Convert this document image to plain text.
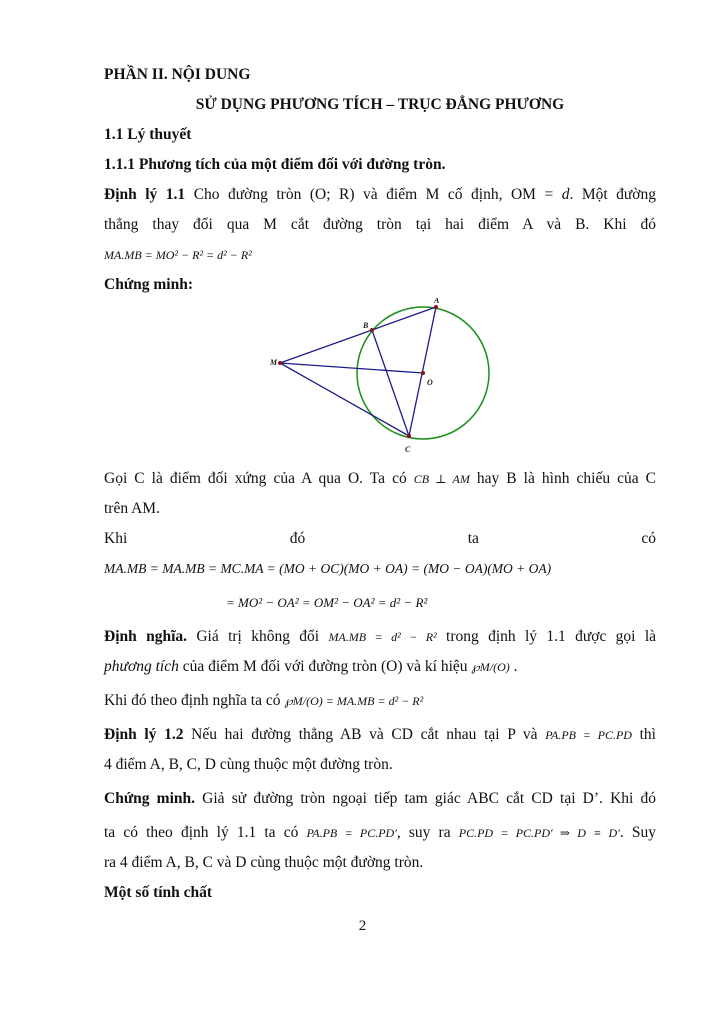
PHẦN II. NỘI DUNG
SỬ DỤNG PHƯƠNG TÍCH – TRỤC ĐẲNG PHƯƠNG
1.1 Lý thuyết
1.1.1 Phương tích của một điểm đối với đường tròn.
Định lý 1.1 Cho đường tròn (O; R) và điểm M cố định, OM = d. Một đường
thẳng thay đổi qua M cắt đường tròn tại hai điểm A và B. Khi đó
MA.MB = MO² − R² = d² − R²
Chứng minh:
A
B
M
O
C
Gọi C là điểm đối xứng của A qua O. Ta có CB ⊥ AM hay B là hình chiếu của C
trên AM.
Khi	đó	ta	có
MA.MB = MA.MB = MC.MA = (MO + OC)(MO + OA) = (MO − OA)(MO + OA)
= MO² − OA² = OM² − OA² = d² − R²
Định nghĩa. Giá trị không đổi MA.MB = d² − R² trong định lý 1.1 được gọi là
phương tích của điểm M đối với đường tròn (O) và kí hiệu ℘M/(O) .
Khi đó theo định nghĩa ta có ℘M/(O) = MA.MB = d² − R²
Định lý 1.2 Nếu hai đường thẳng AB và CD cắt nhau tại P và PA.PB = PC.PD thì
4 điểm A, B, C, D cùng thuộc một đường tròn.
Chứng minh. Giả sử đường tròn ngoại tiếp tam giác ABC cắt CD tại D’. Khi đó
ta có theo định lý 1.1 ta có PA.PB = PC.PD′, suy ra PC.PD = PC.PD′ ⇒ D ≡ D′. Suy
ra 4 điểm A, B, C và D cùng thuộc một đường tròn.
Một số tính chất
2
